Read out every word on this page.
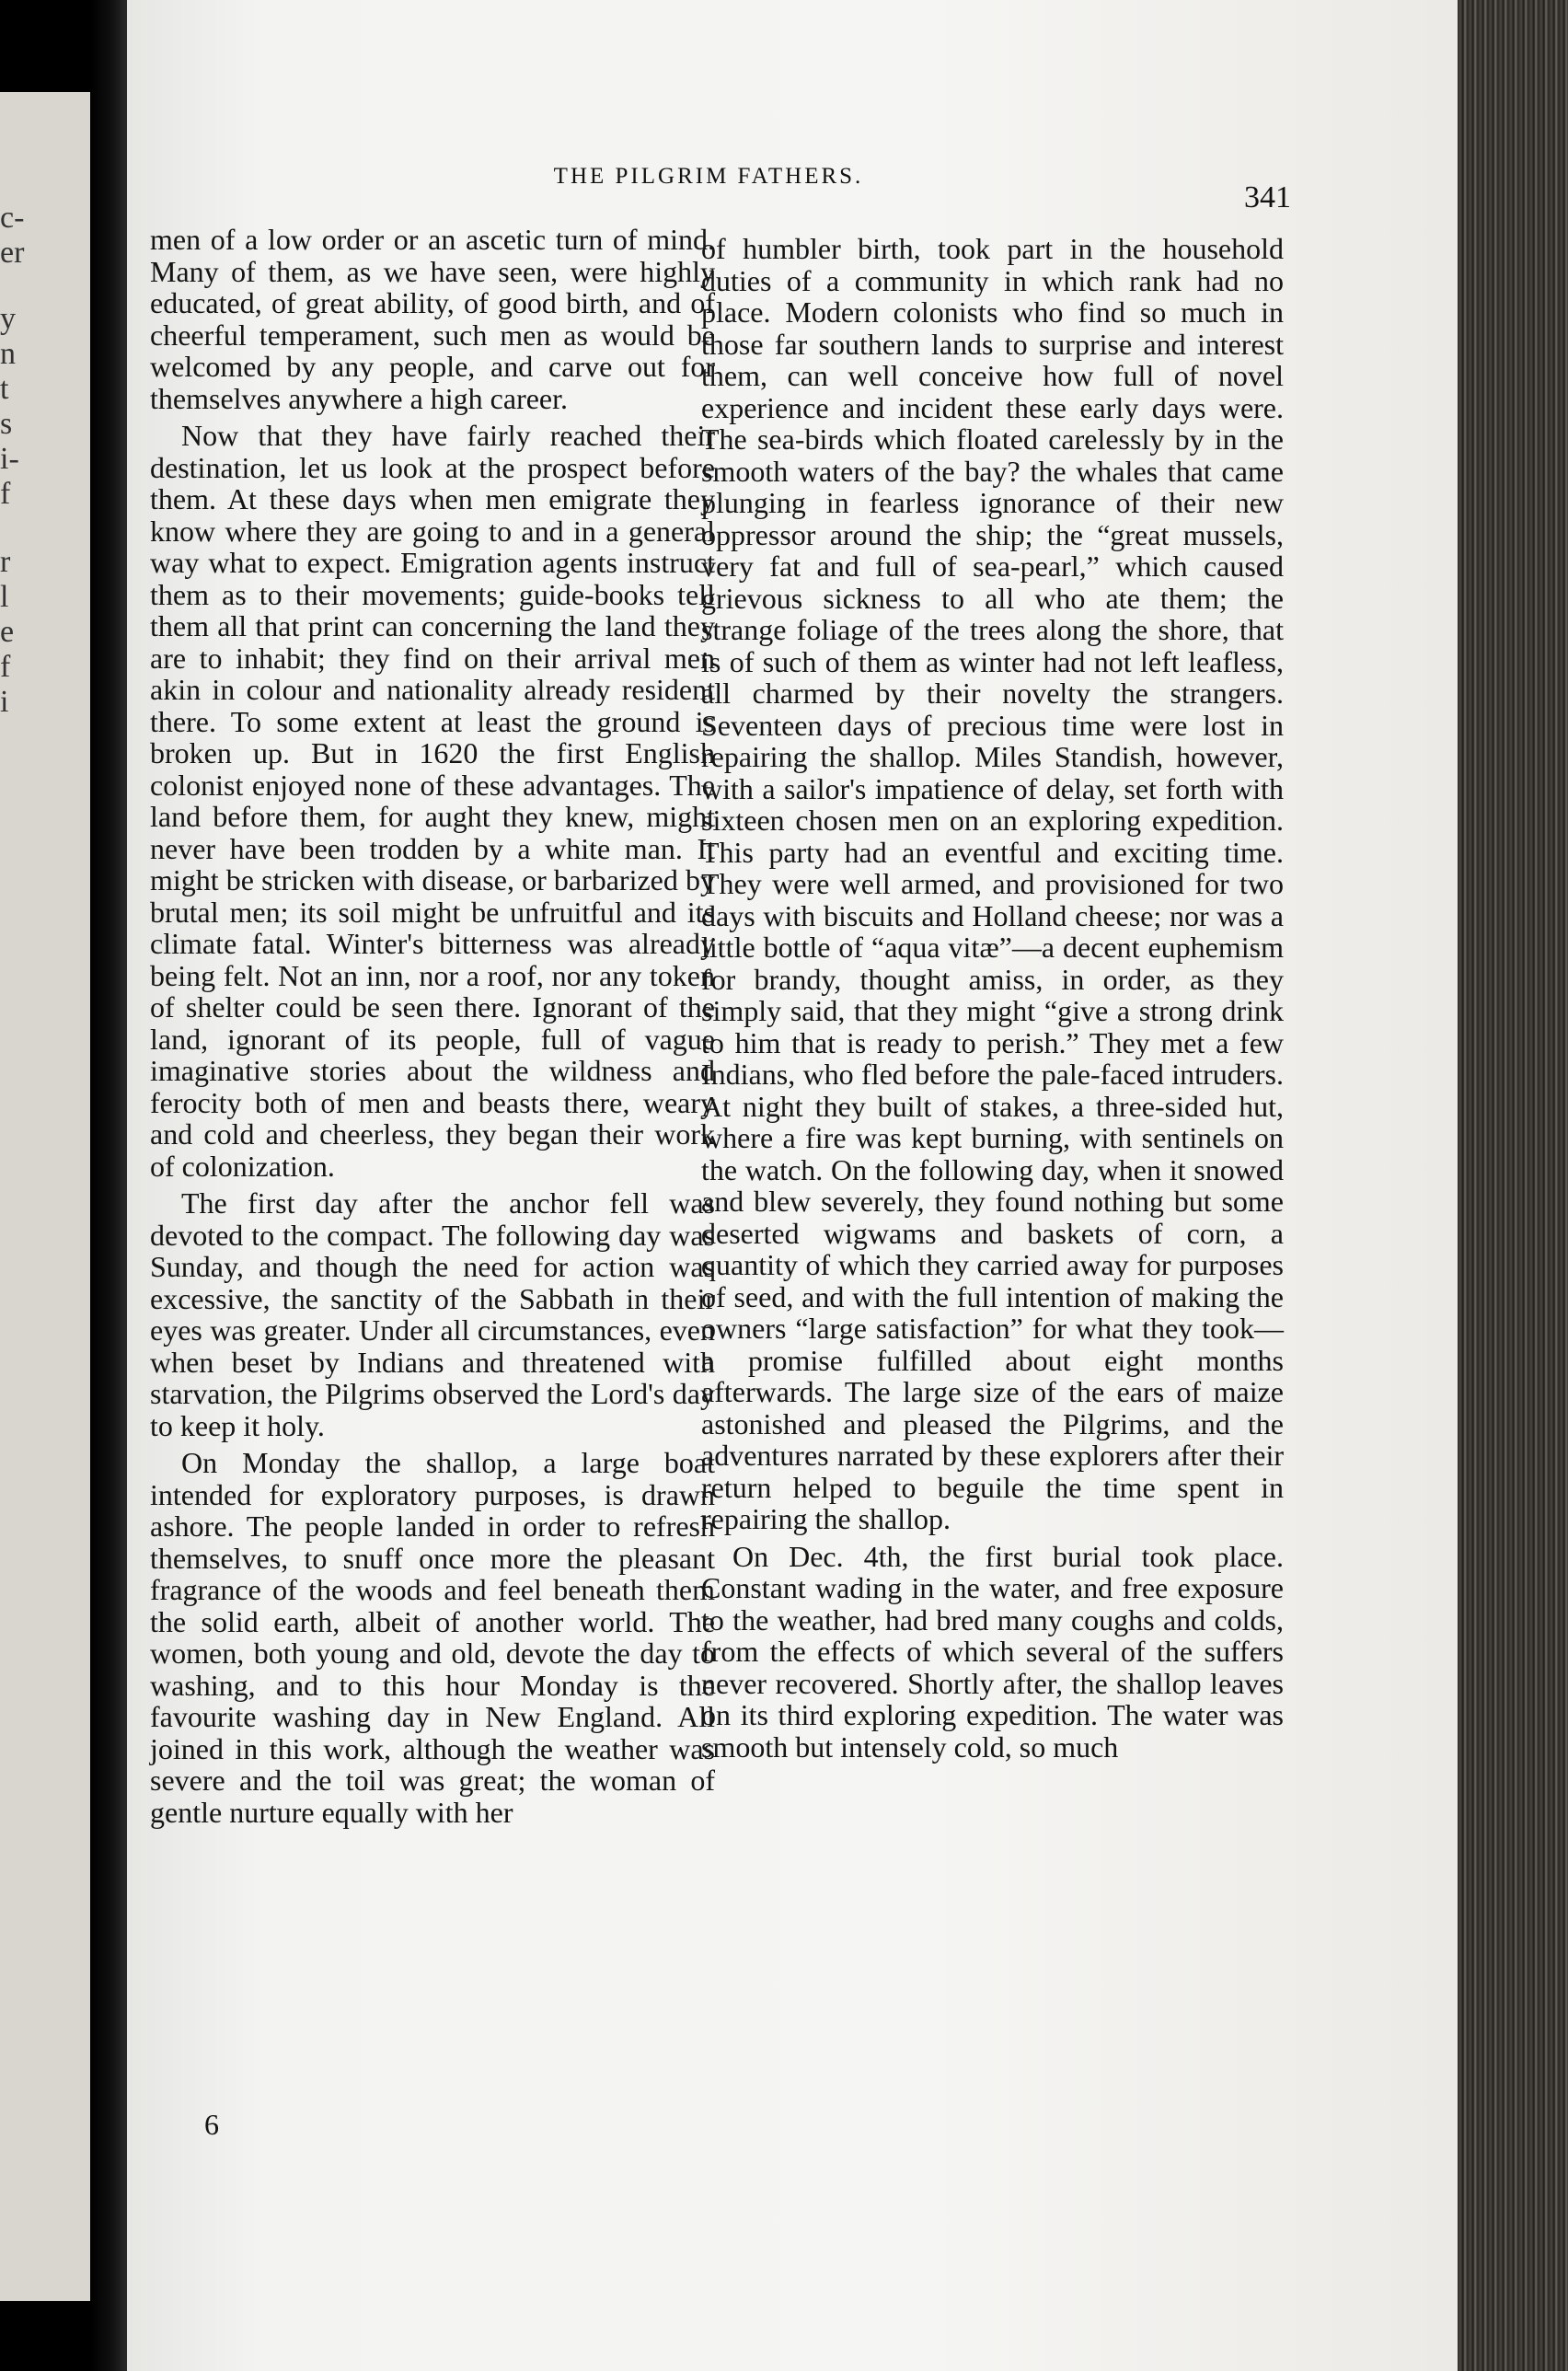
c-
er
y
n
t
s
i-
f
r
l
e
f
i
THE PILGRIM FATHERS.
341

men of a low order or an ascetic turn of mind. Many of them, as we have seen, were highly educated, of great ability, of good birth, and of cheerful temperament, such men as would be welcomed by any people, and carve out for themselves anywhere a high career.

Now that they have fairly reached their destination, let us look at the prospect before them. At these days when men emigrate they know where they are going to and in a general way what to expect. Emigration agents instruct them as to their movements; guide-books tell them all that print can concerning the land they are to inhabit; they find on their arrival men akin in colour and nationality already resident there. To some extent at least the ground is broken up. But in 1620 the first English colonist enjoyed none of these advantages. The land before them, for aught they knew, might never have been trodden by a white man. It might be stricken with disease, or barbarized by brutal men; its soil might be unfruitful and its climate fatal. Winter's bitterness was already being felt. Not an inn, nor a roof, nor any token of shelter could be seen there. Ignorant of the land, ignorant of its people, full of vague imaginative stories about the wildness and ferocity both of men and beasts there, weary and cold and cheerless, they began their work of colonization.

The first day after the anchor fell was devoted to the compact. The following day was Sunday, and though the need for action was excessive, the sanctity of the Sabbath in their eyes was greater. Under all circumstances, even when beset by Indians and threatened with starvation, the Pilgrims observed the Lord's day to keep it holy.

On Monday the shallop, a large boat intended for exploratory purposes, is drawn ashore. The people landed in order to refresh themselves, to snuff once more the pleasant fragrance of the woods and feel beneath them the solid earth, albeit of another world. The women, both young and old, devote the day to washing, and to this hour Monday is the favourite washing day in New England. All joined in this work, although the weather was severe and the toil was great; the woman of gentle nurture equally with her

of humbler birth, took part in the household duties of a community in which rank had no place. Modern colonists who find so much in those far southern lands to surprise and interest them, can well conceive how full of novel experience and incident these early days were. The sea-birds which floated carelessly by in the smooth waters of the bay? the whales that came plunging in fearless ignorance of their new oppressor around the ship; the “great mussels, very fat and full of sea-pearl,” which caused grievous sickness to all who ate them; the strange foliage of the trees along the shore, that is of such of them as winter had not left leafless, all charmed by their novelty the strangers. Seventeen days of precious time were lost in repairing the shallop. Miles Standish, however, with a sailor's impatience of delay, set forth with sixteen chosen men on an exploring expedition. This party had an eventful and exciting time. They were well armed, and provisioned for two days with biscuits and Holland cheese; nor was a little bottle of “aqua vitæ”—a decent euphemism for brandy, thought amiss, in order, as they simply said, that they might “give a strong drink to him that is ready to perish.” They met a few Indians, who fled before the pale-faced intruders. At night they built of stakes, a three-sided hut, where a fire was kept burning, with sentinels on the watch. On the following day, when it snowed and blew severely, they found nothing but some deserted wigwams and baskets of corn, a quantity of which they carried away for purposes of seed, and with the full intention of making the owners “large satisfaction” for what they took—a promise fulfilled about eight months afterwards. The large size of the ears of maize astonished and pleased the Pilgrims, and the adventures narrated by these explorers after their return helped to beguile the time spent in repairing the shallop.

On Dec. 4th, the first burial took place. Constant wading in the water, and free exposure to the weather, had bred many coughs and colds, from the effects of which several of the suffers never recovered. Shortly after, the shallop leaves on its third exploring expedition. The water was smooth but intensely cold, so much

6
